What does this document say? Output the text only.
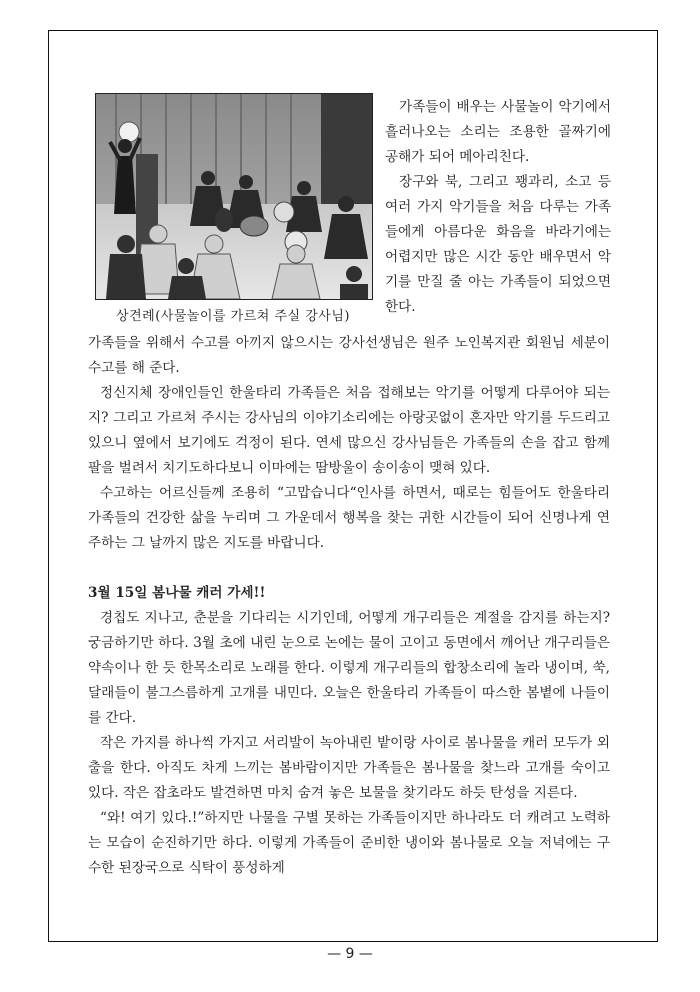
상견례(사물놀이를 가르쳐 주실 강사님)

가족들이 배우는 사물놀이 악기에서 흘러나오는 소리는 조용한 골짜기에 공해가 되어 메아리친다.

장구와 북, 그리고 꽹과리, 소고 등 여러 가지 악기들을 처음 다루는 가족들에게 아름다운 화음을 바라기에는 어렵지만 많은 시간 동안 배우면서 악기를 만질 줄 아는 가족들이 되었으면 한다.

가족들을 위해서 수고를 아끼지 않으시는 강사선생님은 원주 노인복지관 회원님 세분이 수고를 해 준다.

정신지체 장애인들인 한울타리 가족들은 처음 접해보는 악기를 어떻게 다루어야 되는지? 그리고 가르쳐 주시는 강사님의 이야기소리에는 아랑곳없이 혼자만 악기를 두드리고 있으니 옆에서 보기에도 걱정이 된다. 연세 많으신 강사님들은 가족들의 손을 잡고 함께 팔을 벌려서 치기도하다보니 이마에는 땀방울이 송이송이 맺혀 있다.

수고하는 어르신들께 조용히 “고맙습니다“인사를 하면서, 때로는 힘들어도 한울타리 가족들의 건강한 삶을 누리며 그 가운데서 행복을 찾는 귀한 시간들이 되어 신명나게 연주하는 그 날까지 많은 지도를 바랍니다.

3월 15일 봄나물 캐러 가세!!

경칩도 지나고, 춘분을 기다리는 시기인데, 어떻게 개구리들은 계절을 감지를 하는지? 궁금하기만 하다. 3월 초에 내린 눈으로 논에는 물이 고이고 동면에서 깨어난 개구리들은 약속이나 한 듯 한목소리로 노래를 한다. 이렇게 개구리들의 합창소리에 놀라 냉이며, 쑥, 달래들이 불그스름하게 고개를 내민다. 오늘은 한울타리 가족들이 따스한 봄볕에 나들이를 간다.

작은 가지를 하나씩 가지고 서리발이 녹아내린 밭이랑 사이로 봄나물을 캐러 모두가 외출을 한다. 아직도 차게 느끼는 봄바람이지만 가족들은 봄나물을 찾느라 고개를 숙이고 있다. 작은 잡초라도 발견하면 마치 숨겨 놓은 보물을 찾기라도 하듯 탄성을 지른다.

“와! 여기 있다.!”하지만 나물을 구별 못하는 가족들이지만 하나라도 더 캐려고 노력하는 모습이 순진하기만 하다. 이렇게 가족들이 준비한 냉이와 봄나물로 오늘 저녁에는 구수한 된장국으로 식탁이 풍성하게

— 9 —
